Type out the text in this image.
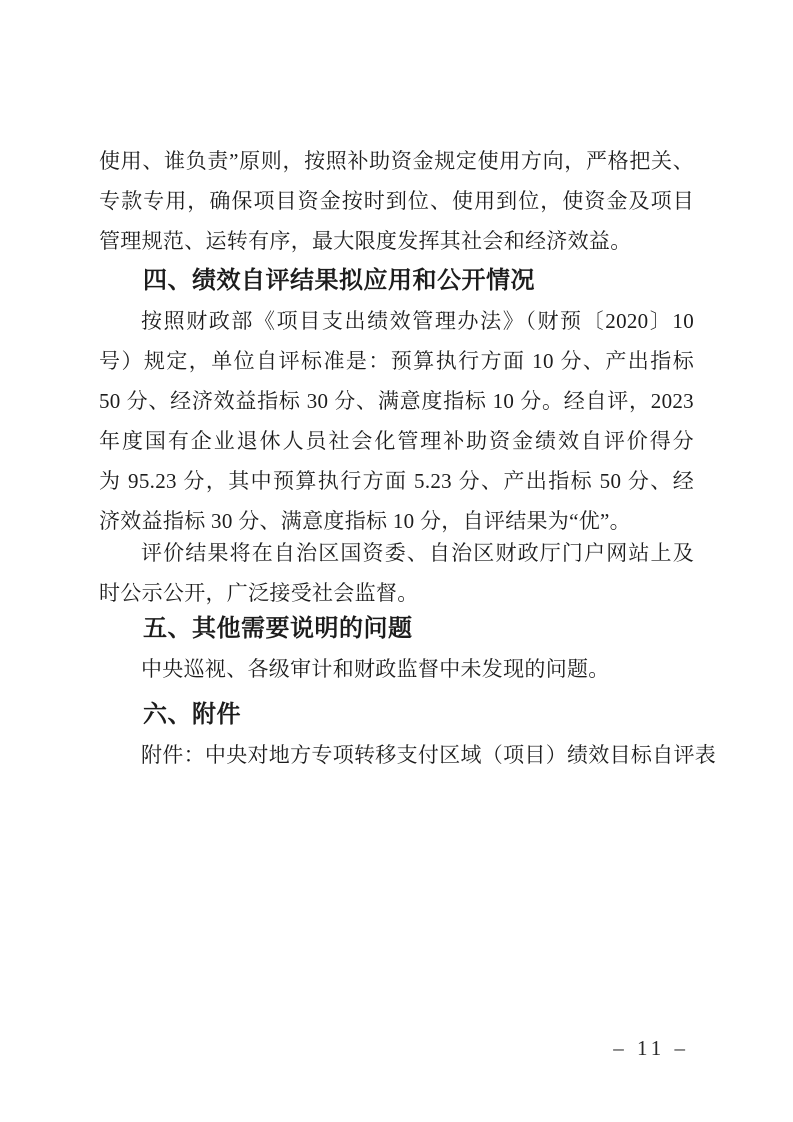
使用、谁负责”原则，按照补助资金规定使用方向，严格把关、
专款专用，确保项目资金按时到位、使用到位，使资金及项目
管理规范、运转有序，最大限度发挥其社会和经济效益。
四、绩效自评结果拟应用和公开情况
按照财政部《项目支出绩效管理办法》（财预〔2020〕10
号）规定，单位自评标准是：预算执行方面 10 分、产出指标
50 分、经济效益指标 30 分、满意度指标 10 分。经自评，2023
年度国有企业退休人员社会化管理补助资金绩效自评价得分
为 95.23 分，其中预算执行方面 5.23 分、产出指标 50 分、经
济效益指标 30 分、满意度指标 10 分，自评结果为“优”。
评价结果将在自治区国资委、自治区财政厅门户网站上及
时公示公开，广泛接受社会监督。
五、其他需要说明的问题
中央巡视、各级审计和财政监督中未发现的问题。
六、附件
附件：中央对地方专项转移支付区域（项目）绩效目标自评表
– 11 –
